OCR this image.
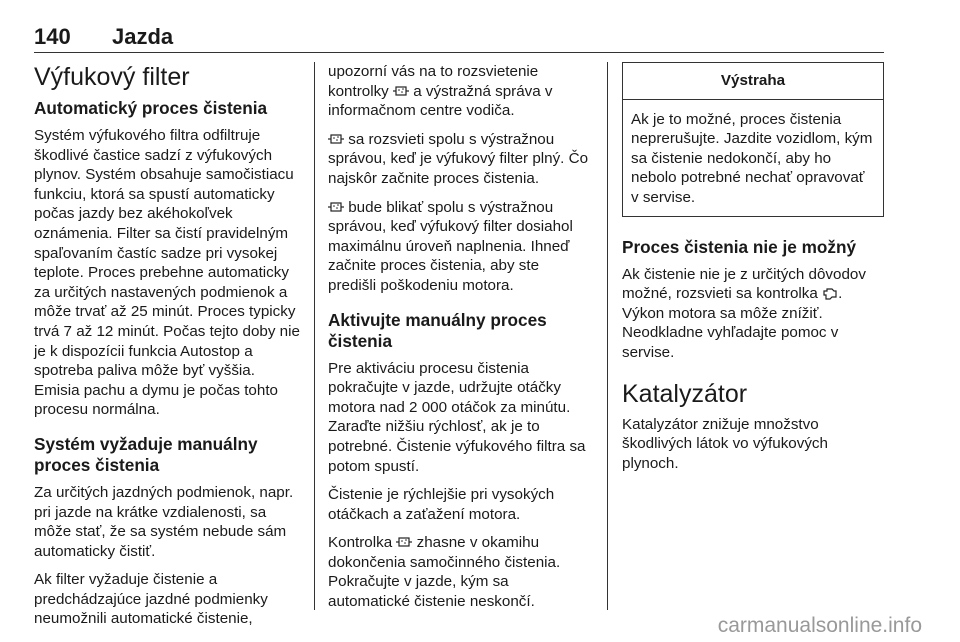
140 Jazda
Výfukový filter
Automatický proces čistenia

Systém výfukového filtra odfiltruje škodlivé častice sadzí z výfukových plynov. Systém obsahuje samočistiacu funkciu, ktorá sa spustí automaticky počas jazdy bez akéhokoľvek oznámenia. Filter sa čistí pravidelným spaľovaním častíc sadze pri vysokej teplote. Proces prebehne automaticky za určitých nastavených podmienok a môže trvať až 25 minút. Proces typicky trvá 7 až 12 minút. Počas tejto doby nie je k dispozícii funkcia Autostop a spotreba paliva môže byť vyššia. Emisia pachu a dymu je počas tohto procesu normálna.

Systém vyžaduje manuálny proces čistenia

Za určitých jazdných podmienok, napr. pri jazde na krátke vzdialenosti, sa môže stať, že sa systém nebude sám automaticky čistiť.

Ak filter vyžaduje čistenie a predchádzajúce jazdné podmienky neumožnili automatické čistenie,

upozorní vás na to rozsvietenie kontrolky a výstražná správa v informačnom centre vodiča.

sa rozsvieti spolu s výstražnou správou, keď je výfukový filter plný. Čo najskôr začnite proces čistenia.

bude blikať spolu s výstražnou správou, keď výfukový filter dosiahol maximálnu úroveň naplnenia. Ihneď začnite proces čistenia, aby ste predišli poškodeniu motora.

Aktivujte manuálny proces čistenia

Pre aktiváciu procesu čistenia pokračujte v jazde, udržujte otáčky motora nad 2 000 otáčok za minútu. Zaraďte nižšiu rýchlosť, ak je to potrebné. Čistenie výfukového filtra sa potom spustí.

Čistenie je rýchlejšie pri vysokých otáčkach a zaťažení motora.

Kontrolka zhasne v okamihu dokončenia samočinného čistenia. Pokračujte v jazde, kým sa automatické čistenie neskončí.

Výstraha
Ak je to možné, proces čistenia neprerušujte. Jazdite vozidlom, kým sa čistenie nedokončí, aby ho nebolo potrebné nechať opravovať v servise.
Proces čistenia nie je možný

Ak čistenie nie je z určitých dôvodov možné, rozsvieti sa kontrolka . Výkon motora sa môže znížiť. Neodkladne vyhľadajte pomoc v servise.

Katalyzátor

Katalyzátor znižuje množstvo škodlivých látok vo výfukových plynoch.

carmanualsonline.info
